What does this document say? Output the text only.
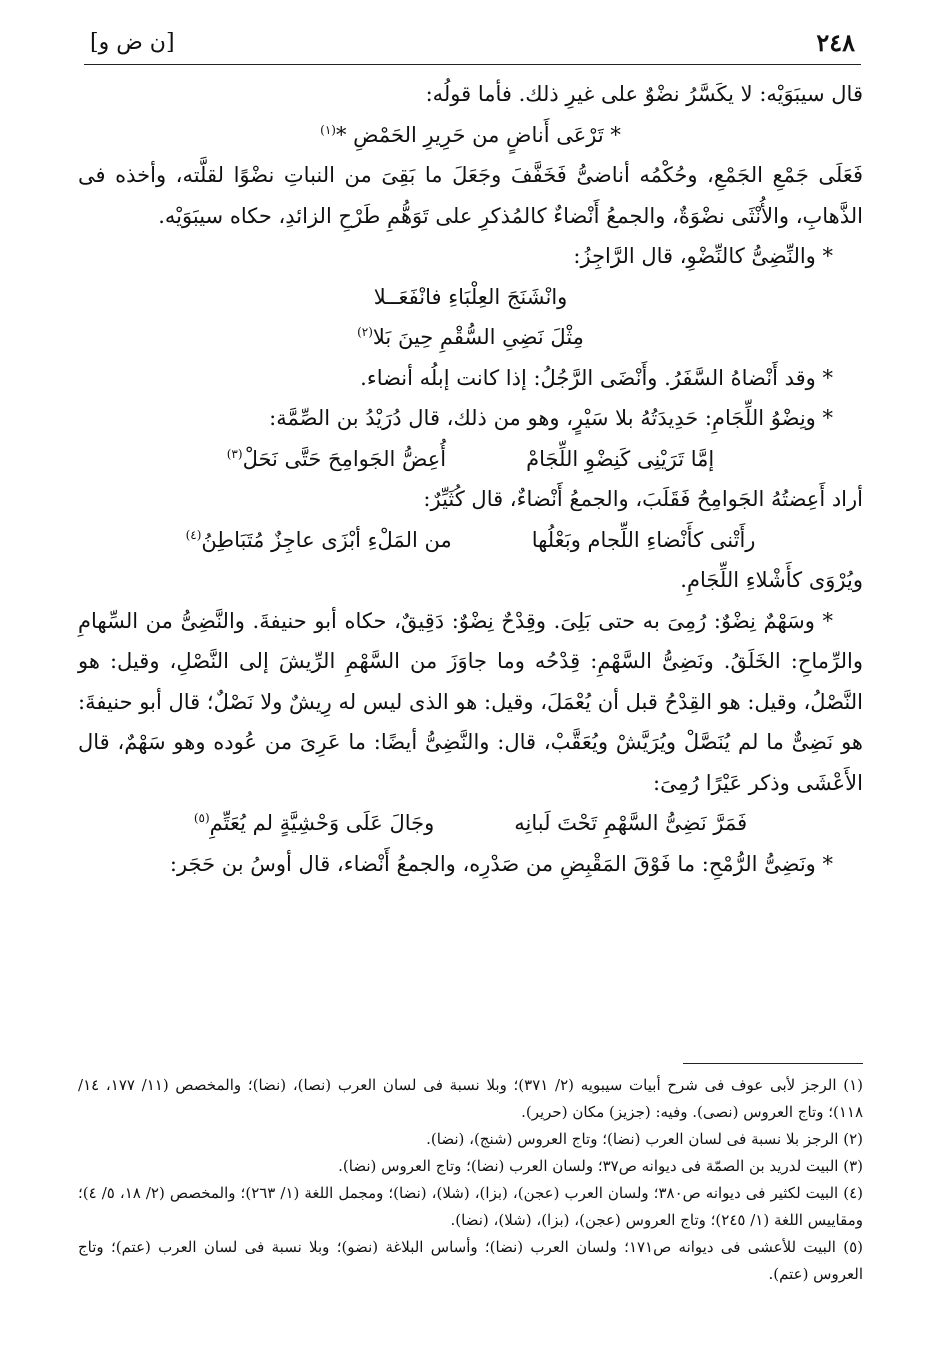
٢٤٨
[ن ض و]

قال سيبَوَيْه: لا يكَسَّرُ نضْوٌ على غيرِ ذلك. فأما قولُه:

* تَرْعَى أَناضٍ من حَرِيرِ الحَمْضِ *$^{(١)}$

فَعَلَى جَمْعِ الجَمْعِ، وحُكْمُه أناضىُّ فَخَفَّفَ وجَعَلَ ما بَقِىَ من النباتِ نضْوًا لقلَّته، وأخذه فى الذَّهابِ، والأُنْثَى نضْوَةٌ، والجمعُ أَنْضاءٌ كالمُذكرِ على تَوَهُّمِ طَرْحِ الزائدِ، حكاه سيبَوَيْه.

* والنِّضِىُّ كالنِّضْوِ، قال الرَّاجِزُ:

وانْشَنَجَ العِلْبَاءِ فانْفَعَــلا

مِثْلَ نَضِىِ السُّقْمِ حِينَ بَلا$^{(٢)}$

* وقد أَنْضاهُ السَّفَرُ. وأَنْضَى الرَّجُلُ: إذا كانت إبلُه أنضاء.

* ونِضْوُ اللِّجَامِ: حَدِيدَتُهُ بلا سَيْرٍ، وهو من ذلك، قال دُرَيْدُ بن الصِّمَّة:

إمَّا تَرَيْنِى كَنِضْوِ اللِّجَامْ
أُعِضُّ الجَوامِحَ حَتَّى نَحَلْ$^{(٣)}$

أراد أَعِضتُهُ الجَوامِحُ فَقَلَبَ، والجمعُ أَنْضاءٌ، قال كُثَيِّرٌ:

رأَتْنى كأَنْضاءِ اللِّجام وبَعْلُها
من المَلْءِ أبْزَى عاجِزٌ مُتَبَاطِنُ$^{(٤)}$

ويُرْوَى كأَشْلاءِ اللِّجَامِ.

* وسَهْمٌ نِضْوٌ: رُمِىَ به حتى بَلِىَ. وقِدْحٌ نِضْوٌ: دَقِيقٌ، حكاه أبو حنيفةَ. والنَّضِىُّ من السِّهامِ والرِّماحِ: الخَلَقُ. ونَضِىُّ السَّهْمِ: قِدْحُه وما جاوَزَ من السَّهْمِ الرِّيشَ إلى النَّصْلِ، وقيل: هو النَّصْلُ، وقيل: هو القِدْحُ قبل أن يُعْمَلَ، وقيل: هو الذى ليس له رِيشٌ ولا نَصْلٌ؛ قال أبو حنيفةَ: هو نَضِىٌّ ما لم يُنَصَّلْ ويُرَيَّشْ ويُعَقَّبْ، قال: والنَّضِىُّ أيضًا: ما عَرِىَ من عُوده وهو سَهْمٌ، قال الأَعْشَى وذكر عَيْرًا رُمِىَ:

فَمَرَّ نَضِىُّ السَّهْمِ تَحْتَ لَبانِه
وجَالَ عَلَى وَحْشِيَّةٍ لم يُعَتِّمِ$^{(٥)}$

* ونَضِىُّ الرُّمْحِ: ما فَوْقَ المَقْبِضِ من صَدْرِه، والجمعُ أَنْضاء، قال أوسُ بن حَجَر:

(١) الرجز لأبى عوف فى شرح أبيات سيبويه (٢/ ٣٧١)؛ وبلا نسبة فى لسان العرب (نصا)، (نضا)؛ والمخصص (١١/ ١٧٧، ١٤/ ١١٨)؛ وتاج العروس (نصى). وفيه: (جزيز) مكان (حرير).

(٢) الرجز بلا نسبة فى لسان العرب (نضا)؛ وتاج العروس (شنج)، (نضا).

(٣) البيت لدريد بن الصمّة فى ديوانه ص٣٧؛ ولسان العرب (نضا)؛ وتاج العروس (نضا).

(٤) البيت لكثير فى ديوانه ص٣٨٠؛ ولسان العرب (عجن)، (بزا)، (شلا)، (نضا)؛ ومجمل اللغة (١/ ٢٦٣)؛ والمخصص (٢/ ١٨، ٥/ ٤)؛ ومقاييس اللغة (١/ ٢٤٥)؛ وتاج العروس (عجن)، (بزا)، (شلا)، (نضا).

(٥) البيت للأعشى فى ديوانه ص١٧١؛ ولسان العرب (نضا)؛ وأساس البلاغة (نضو)؛ وبلا نسبة فى لسان العرب (عتم)؛ وتاج العروس (عتم).
